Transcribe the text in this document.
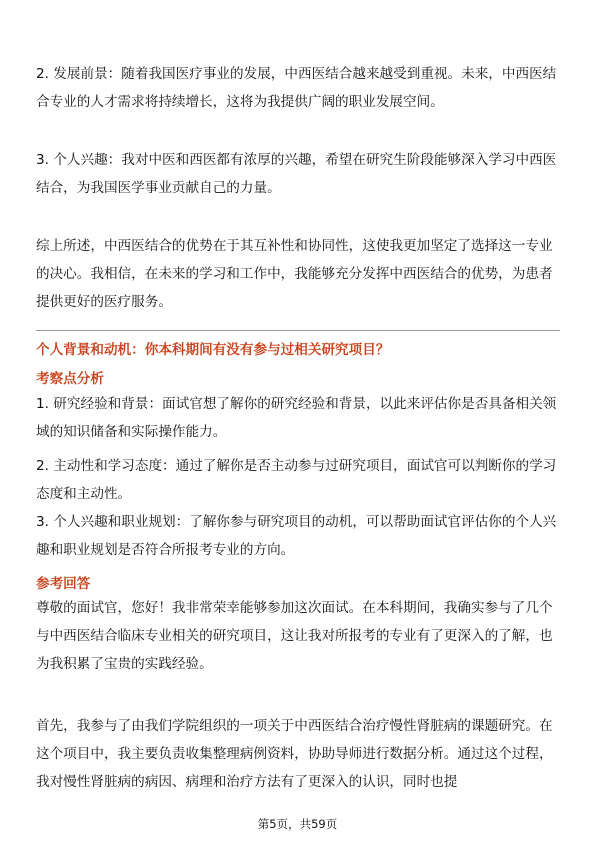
2. 发展前景：随着我国医疗事业的发展，中西医结合越来越受到重视。未来，中西医结合专业的人才需求将持续增长，这将为我提供广阔的职业发展空间。

3. 个人兴趣：我对中医和西医都有浓厚的兴趣，希望在研究生阶段能够深入学习中西医结合，为我国医学事业贡献自己的力量。

综上所述，中西医结合的优势在于其互补性和协同性，这使我更加坚定了选择这一专业的决心。我相信，在未来的学习和工作中，我能够充分发挥中西医结合的优势，为患者提供更好的医疗服务。

个人背景和动机：你本科期间有没有参与过相关研究项目？

考察点分析

1. 研究经验和背景：面试官想了解你的研究经验和背景，以此来评估你是否具备相关领域的知识储备和实际操作能力。

2. 主动性和学习态度：通过了解你是否主动参与过研究项目，面试官可以判断你的学习态度和主动性。

3. 个人兴趣和职业规划：了解你参与研究项目的动机，可以帮助面试官评估你的个人兴趣和职业规划是否符合所报考专业的方向。

参考回答

尊敬的面试官，您好！我非常荣幸能够参加这次面试。在本科期间，我确实参与了几个与中西医结合临床专业相关的研究项目，这让我对所报考的专业有了更深入的了解，也为我积累了宝贵的实践经验。

首先，我参与了由我们学院组织的一项关于中西医结合治疗慢性肾脏病的课题研究。在这个项目中，我主要负责收集整理病例资料，协助导师进行数据分析。通过这个过程，我对慢性肾脏病的病因、病理和治疗方法有了更深入的认识，同时也提

第5页，共59页
